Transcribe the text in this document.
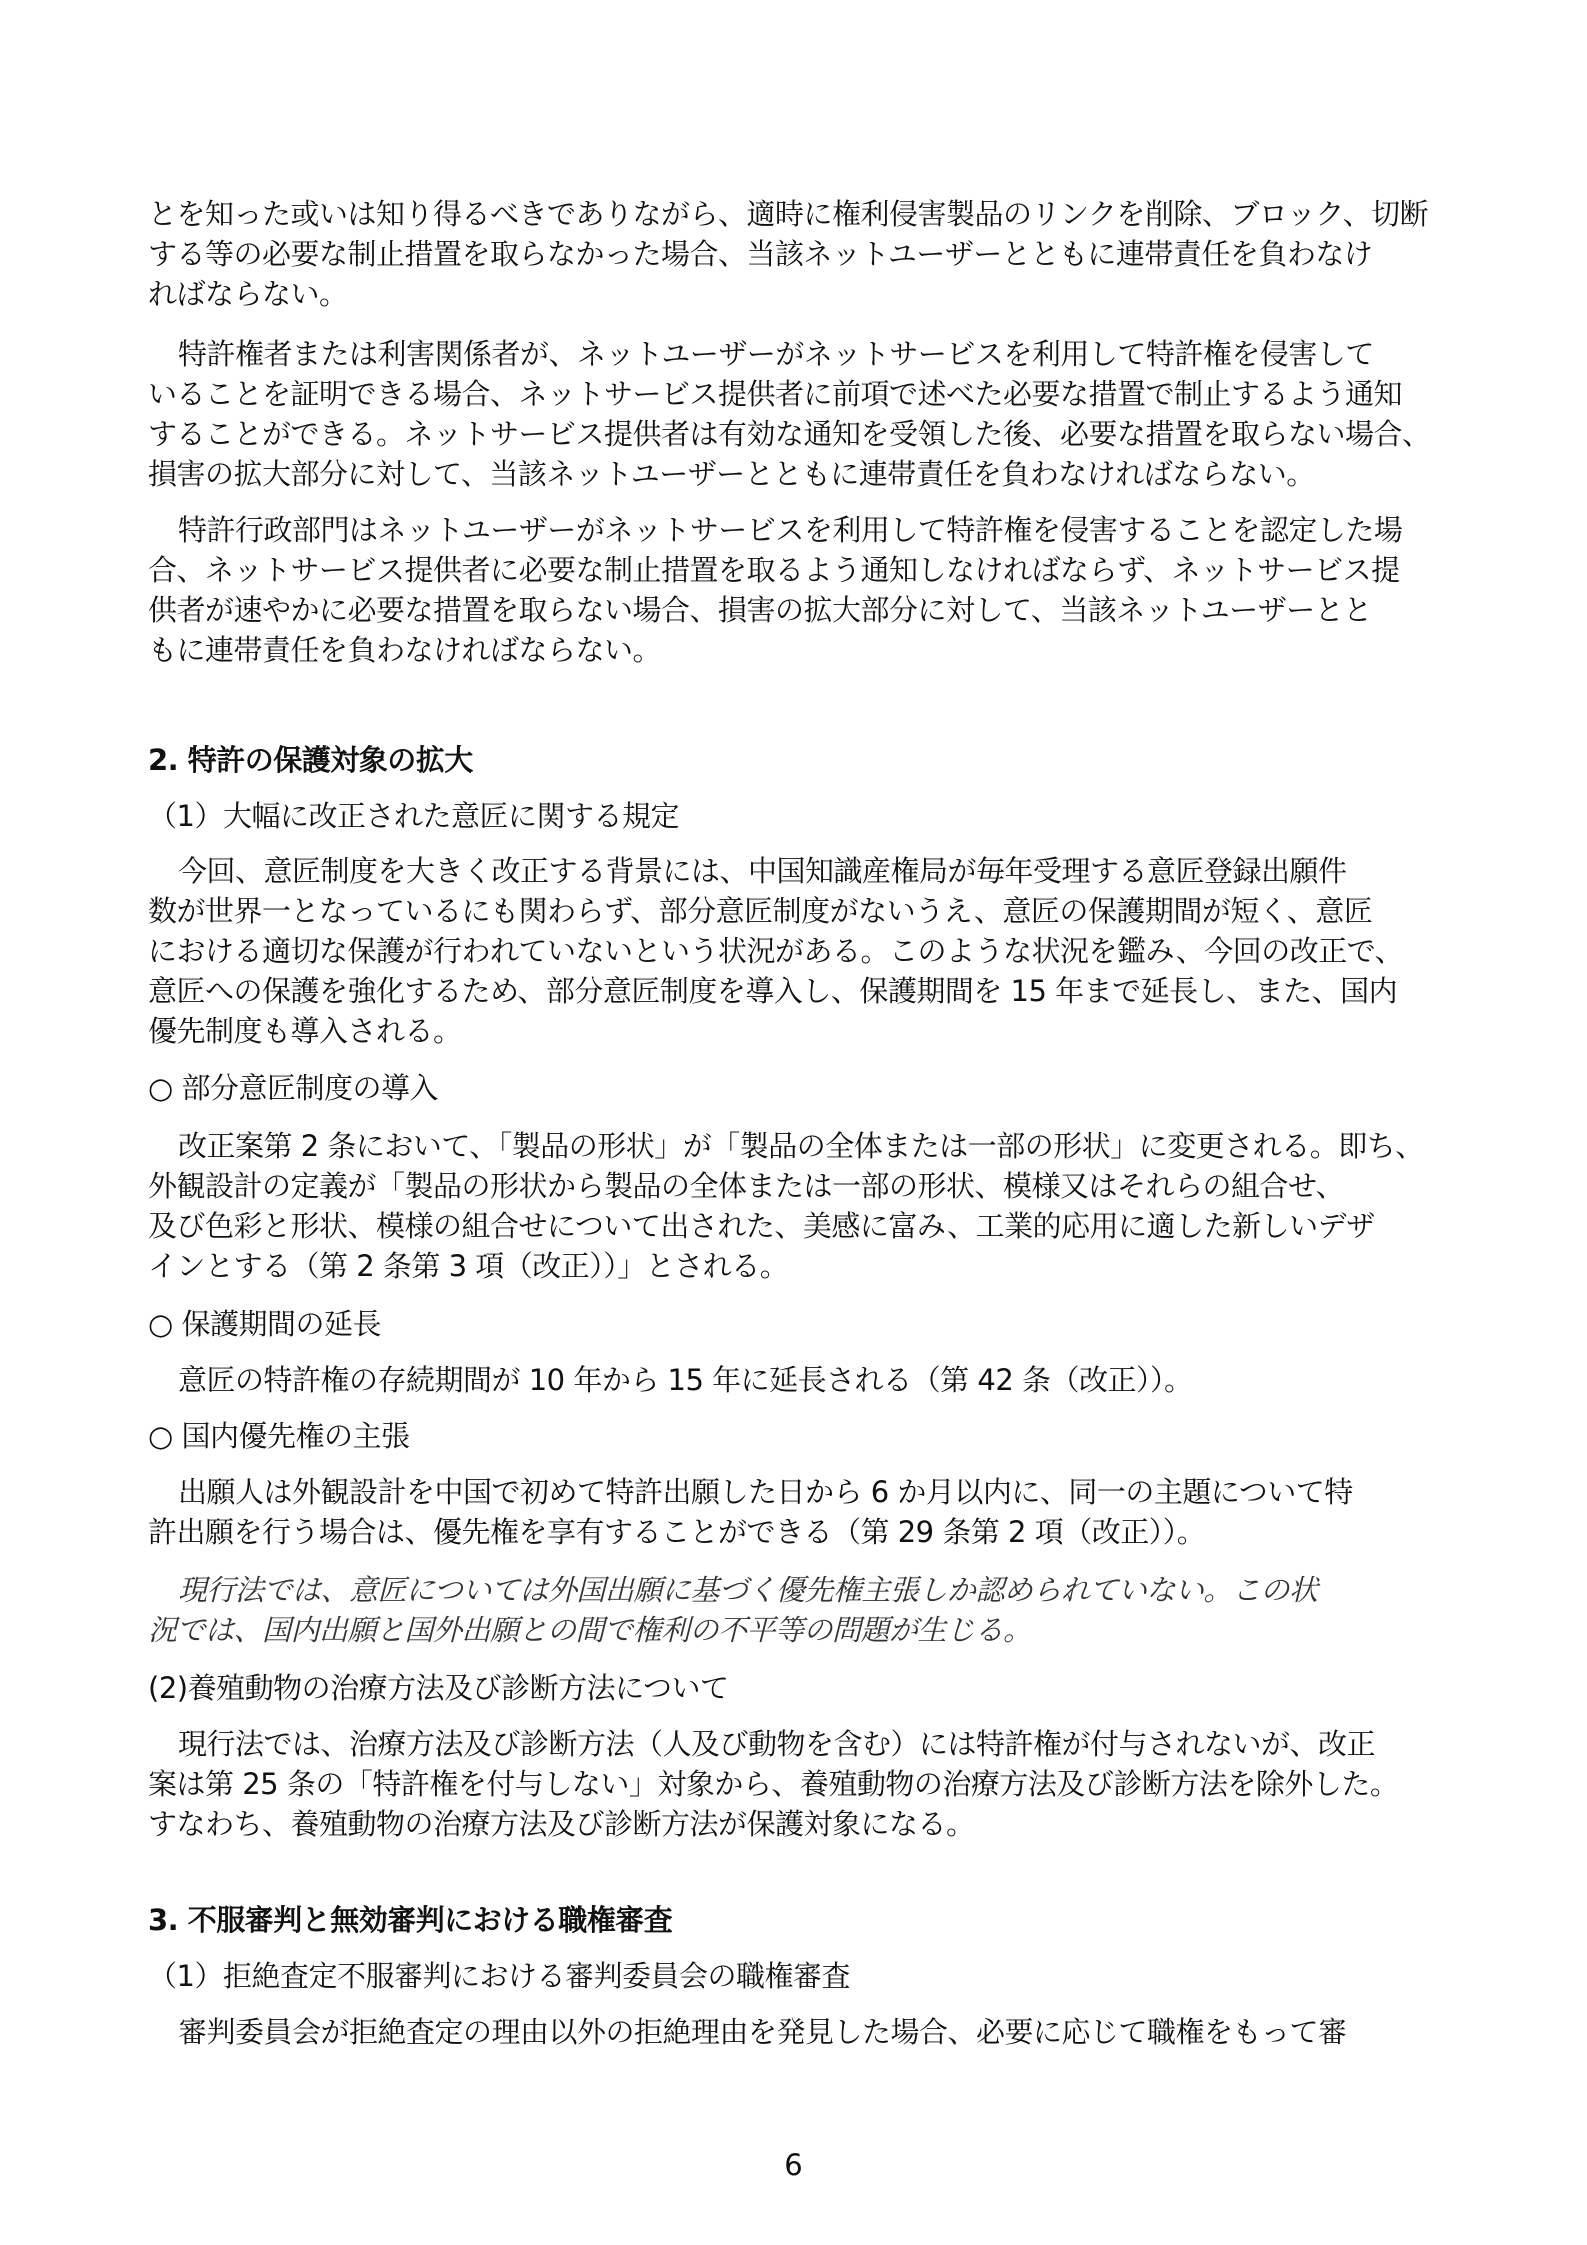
とを知った或いは知り得るべきでありながら、適時に権利侵害製品のリンクを削除、ブロック、切断
する等の必要な制止措置を取らなかった場合、当該ネットユーザーとともに連帯責任を負わなけ
ればならない。
特許権者または利害関係者が、ネットユーザーがネットサービスを利用して特許権を侵害して
いることを証明できる場合、ネットサービス提供者に前項で述べた必要な措置で制止するよう通知
することができる。ネットサービス提供者は有効な通知を受領した後、必要な措置を取らない場合、
損害の拡大部分に対して、当該ネットユーザーとともに連帯責任を負わなければならない。
特許行政部門はネットユーザーがネットサービスを利用して特許権を侵害することを認定した場
合、ネットサービス提供者に必要な制止措置を取るよう通知しなければならず、ネットサービス提
供者が速やかに必要な措置を取らない場合、損害の拡大部分に対して、当該ネットユーザーとと
もに連帯責任を負わなければならない。
2. 特許の保護対象の拡大
（1）大幅に改正された意匠に関する規定
今回、意匠制度を大きく改正する背景には、中国知識産権局が毎年受理する意匠登録出願件
数が世界一となっているにも関わらず、部分意匠制度がないうえ、意匠の保護期間が短く、意匠
における適切な保護が行われていないという状況がある。このような状況を鑑み、今回の改正で、
意匠への保護を強化するため、部分意匠制度を導入し、保護期間を 15 年まで延長し、また、国内
優先制度も導入される。
○ 部分意匠制度の導入
改正案第 2 条において、「製品の形状」が「製品の全体または一部の形状」に変更される。即ち、
外観設計の定義が「製品の形状から製品の全体または一部の形状、模様又はそれらの組合せ、
及び色彩と形状、模様の組合せについて出された、美感に富み、工業的応用に適した新しいデザ
インとする（第 2 条第 3 項（改正））」とされる。
○ 保護期間の延長
意匠の特許権の存続期間が 10 年から 15 年に延長される（第 42 条（改正））。
○ 国内優先権の主張
出願人は外観設計を中国で初めて特許出願した日から 6 か月以内に、同一の主題について特
許出願を行う場合は、優先権を享有することができる（第 29 条第 2 項（改正））。
現行法では、意匠については外国出願に基づく優先権主張しか認められていない。この状
況では、国内出願と国外出願との間で権利の不平等の問題が生じる。
(2)養殖動物の治療方法及び診断方法について
現行法では、治療方法及び診断方法（人及び動物を含む）には特許権が付与されないが、改正
案は第 25 条の「特許権を付与しない」対象から、養殖動物の治療方法及び診断方法を除外した。
すなわち、養殖動物の治療方法及び診断方法が保護対象になる。
3. 不服審判と無効審判における職権審査
（1）拒絶査定不服審判における審判委員会の職権審査
審判委員会が拒絶査定の理由以外の拒絶理由を発見した場合、必要に応じて職権をもって審
6
